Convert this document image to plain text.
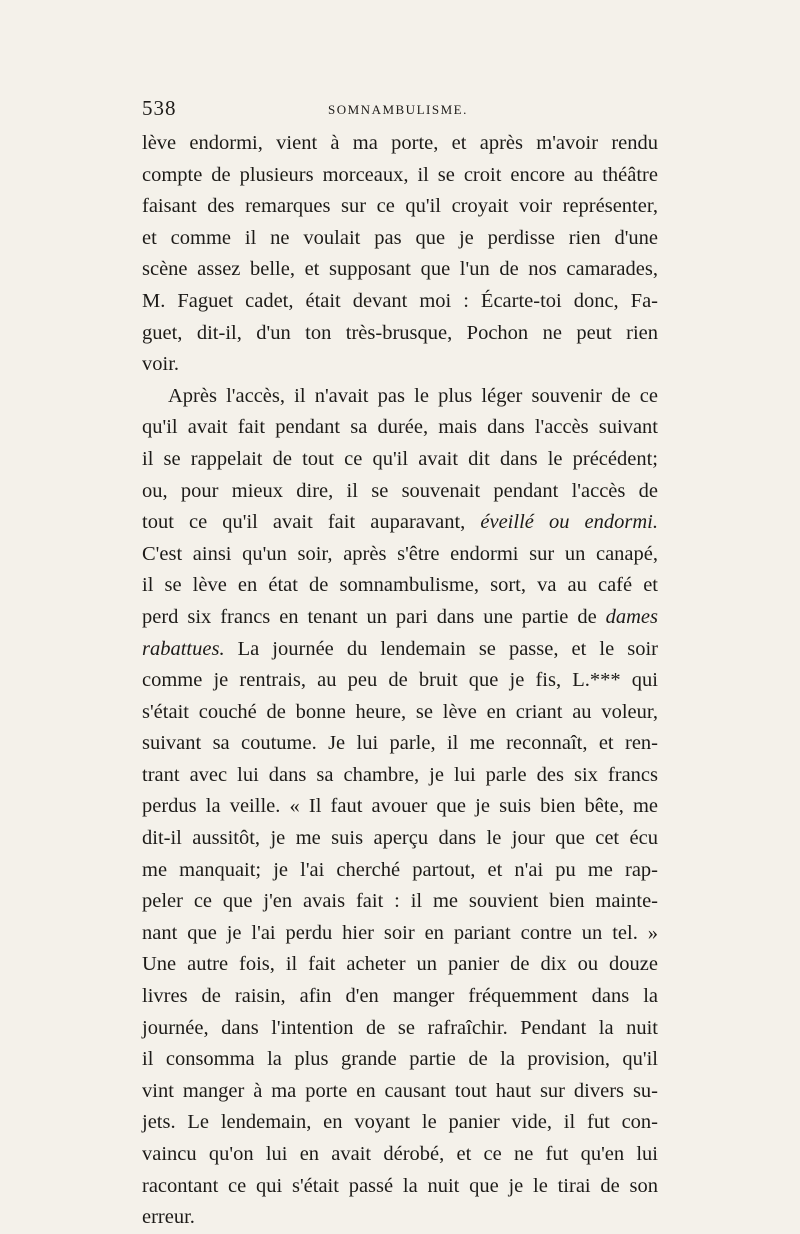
538	SOMNAMBULISME.
lève endormi, vient à ma porte, et après m'avoir rendu
compte de plusieurs morceaux, il se croit encore au théâtre
faisant des remarques sur ce qu'il croyait voir représenter,
et comme il ne voulait pas que je perdisse rien d'une
scène assez belle, et supposant que l'un de nos camarades,
M. Faguet cadet, était devant moi : Écarte-toi donc, Fa-
guet, dit-il, d'un ton très-brusque, Pochon ne peut rien
voir.
Après l'accès, il n'avait pas le plus léger souvenir de ce
qu'il avait fait pendant sa durée, mais dans l'accès suivant
il se rappelait de tout ce qu'il avait dit dans le précédent;
ou, pour mieux dire, il se souvenait pendant l'accès de
tout ce qu'il avait fait auparavant, éveillé ou endormi.
C'est ainsi qu'un soir, après s'être endormi sur un canapé,
il se lève en état de somnambulisme, sort, va au café et
perd six francs en tenant un pari dans une partie de dames
rabattues. La journée du lendemain se passe, et le soir
comme je rentrais, au peu de bruit que je fis, L.*** qui
s'était couché de bonne heure, se lève en criant au voleur,
suivant sa coutume. Je lui parle, il me reconnaît, et ren-
trant avec lui dans sa chambre, je lui parle des six francs
perdus la veille. « Il faut avouer que je suis bien bête, me
dit-il aussitôt, je me suis aperçu dans le jour que cet écu
me manquait; je l'ai cherché partout, et n'ai pu me rap-
peler ce que j'en avais fait : il me souvient bien mainte-
nant que je l'ai perdu hier soir en pariant contre un tel. »
Une autre fois, il fait acheter un panier de dix ou douze
livres de raisin, afin d'en manger fréquemment dans la
journée, dans l'intention de se rafraîchir. Pendant la nuit
il consomma la plus grande partie de la provision, qu'il
vint manger à ma porte en causant tout haut sur divers su-
jets. Le lendemain, en voyant le panier vide, il fut con-
vaincu qu'on lui en avait dérobé, et ce ne fut qu'en lui
racontant ce qui s'était passé la nuit que je le tirai de son
erreur.
